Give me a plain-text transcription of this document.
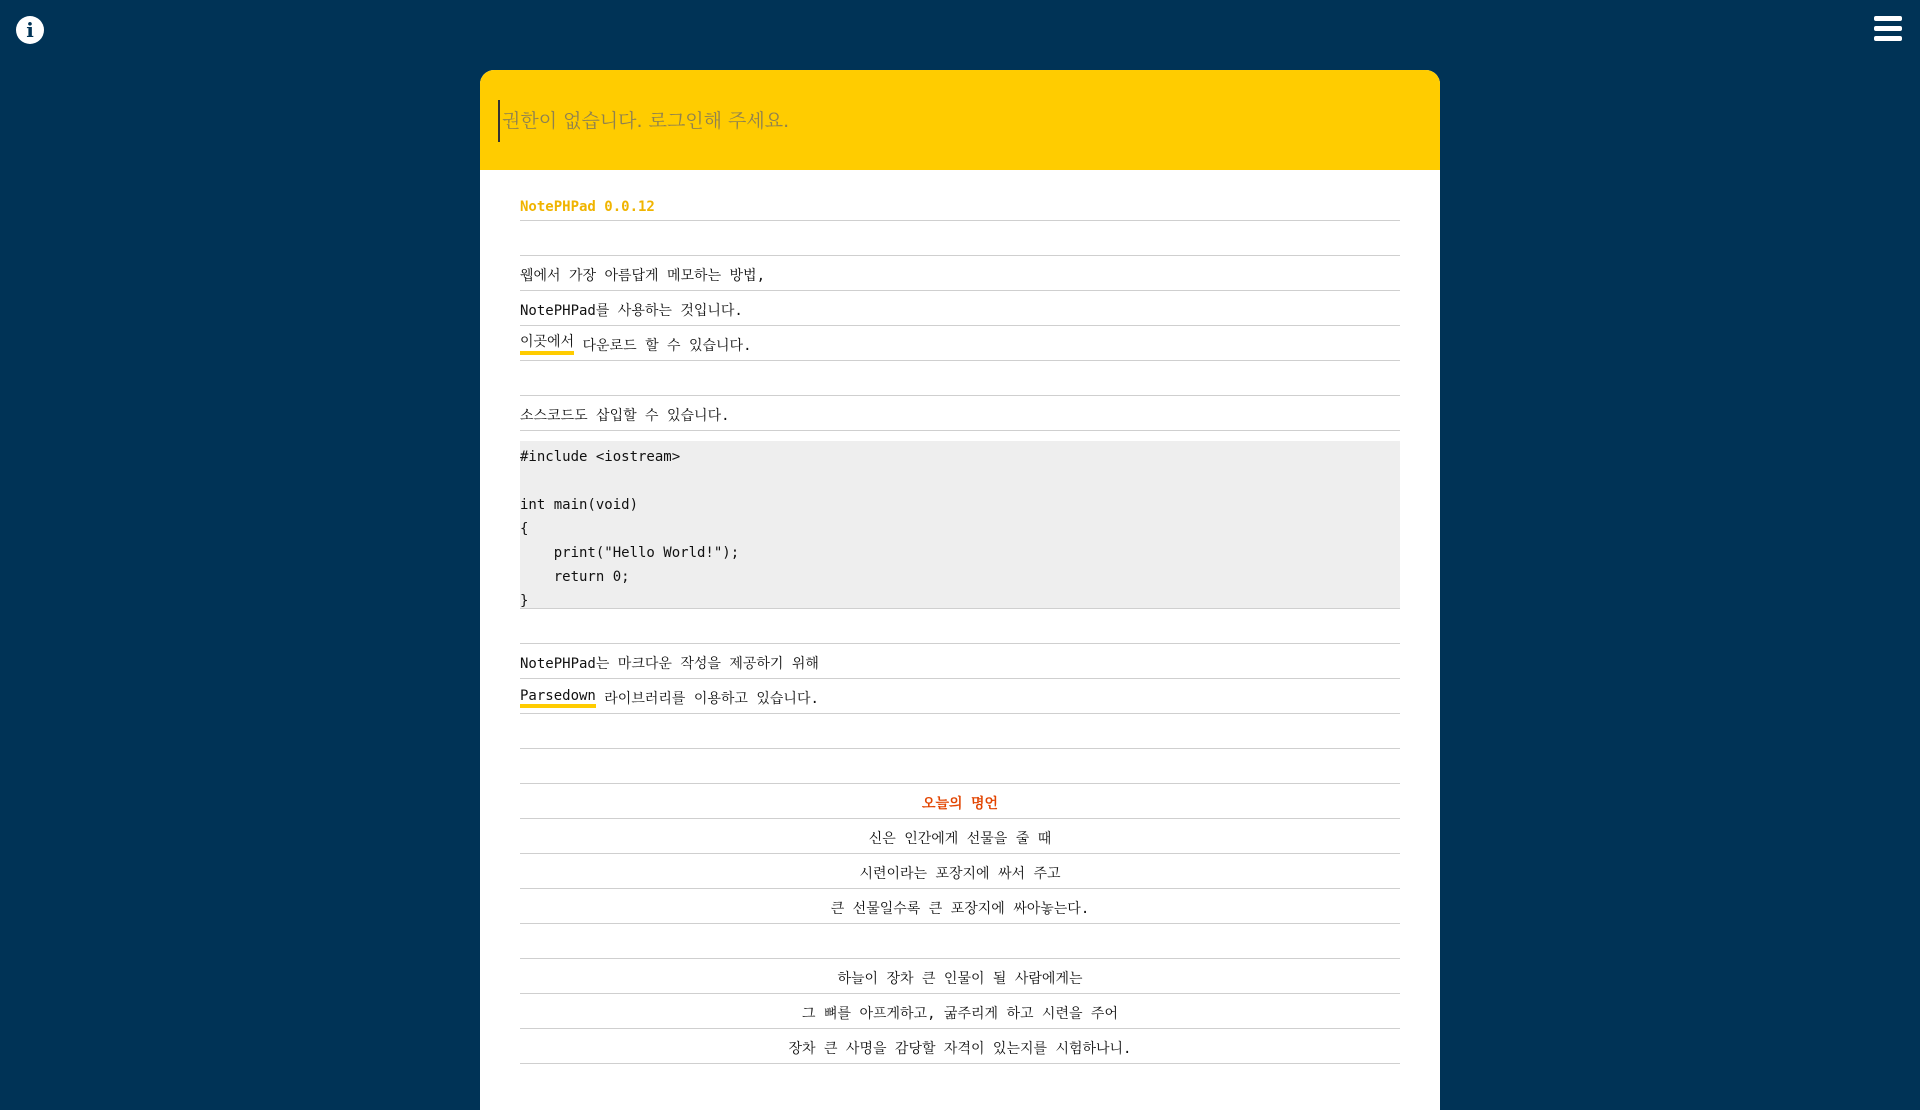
i
권한이 없습니다. 로그인해 주세요.
NotePHPad 0.0.12
웹에서 가장 아름답게 메모하는 방법,
NotePHPad를 사용하는 것입니다.
이곳에서 다운로드 할 수 있습니다.
소스코드도 삽입할 수 있습니다.
#include <iostream>
int main(void)
{
print("Hello World!");
return 0;
}
NotePHPad는 마크다운 작성을 제공하기 위해
Parsedown 라이브러리를 이용하고 있습니다.
오늘의 명언
신은 인간에게 선물을 줄 때
시련이라는 포장지에 싸서 주고
큰 선물일수록 큰 포장지에 싸아놓는다.
하늘이 장차 큰 인물이 될 사람에게는
그 뼈를 아프게하고, 굶주리게 하고 시련을 주어
장차 큰 사명을 감당할 자격이 있는지를 시험하나니.
